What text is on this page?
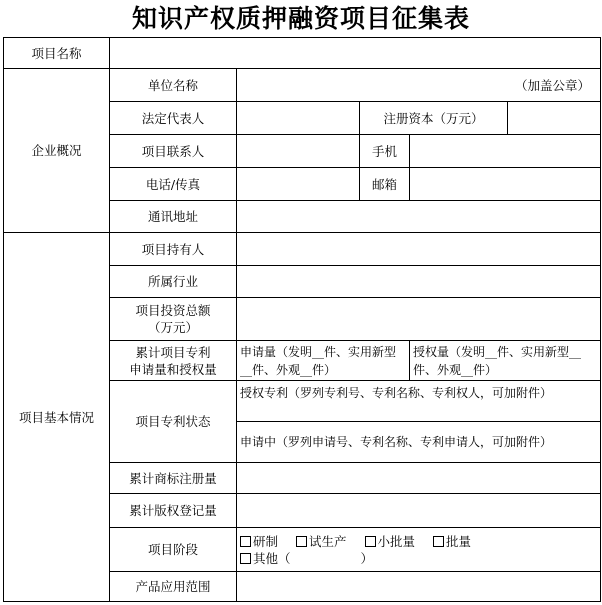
知识产权质押融资项目征集表
项目名称					
企业概况	单位名称	（加盖公章）			
	法定代表人		注册资本（万元）		
	项目联系人		手机		
	电话/传真		邮箱		
	通讯地址				
项目基本情况	项目持有人				
	所属行业				

	项目投资总额
（万元）				

	累计项目专利
申请量和授权量	申请量（发明__件、实用新型__件、外观__件）		授权量（发明__件、实用新型__件、外观__件）	
	项目专利状态	授权专利（罗列专利号、专利名称、专利权人，可加附件）			
		申请中（罗列申请号、专利名称、专利申请人，可加附件）			
	累计商标注册量				
	累计版权登记量				
	项目阶段	研制 试生产 小批量 批量
其他（ ）			

	产品应用范围				
